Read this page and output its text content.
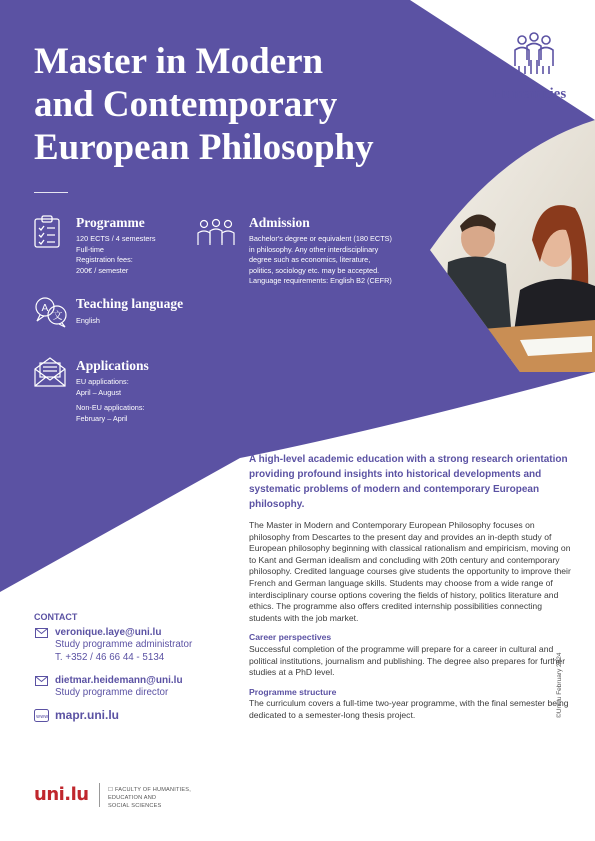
Master in Modern
and Contemporary
European Philosophy
Humanities
Programme
120 ECTS / 4 semesters
Full-time
Registration fees:
200€ / semester
Admission
Bachelor's degree or equivalent (180 ECTS)
in philosophy. Any other interdisciplinary
degree such as economics, literature,
politics, sociology etc. may be accepted.
Language requirements: English B2 (CEFR)
A
文
Teaching language
English
Applications
EU applications:
April – August
Non-EU applications:
February – April
A high-level academic education with a strong research orientation providing profound insights into historical developments and systematic problems of modern and contemporary European philosophy.
The Master in Modern and Contemporary European Philosophy focuses on philosophy from Descartes to the present day and provides an in-depth study of European philosophy beginning with classical rationalism and empiricism, moving on to Kant and German idealism and concluding with 20th century and contemporary philosophy. Credited language courses give students the opportunity to improve their French and German language skills. Students may choose from a wide range of interdisciplinary course options covering the fields of history, politics literature and ethics. The programme also offers credited internship possibilities connecting students with the job market.
Career perspectives
Successful completion of the programme will prepare for a career in cultural and political institutions, journalism and publishing. The degree also prepares for further studies at a PhD level.
Programme structure
The curriculum covers a full-time two-year programme, with the final semester being dedicated to a semester-long thesis project.
CONTACT
veronique.laye@uni.lu
Study programme administrator
T. +352 / 46 66 44 - 5134
dietmar.heidemann@uni.lu
Study programme director
www mapr.uni.lu
uni.lu	☐ FACULTY OF HUMANITIES,
EDUCATION AND
SOCIAL SCIENCES
©Uni.lu February 2024
